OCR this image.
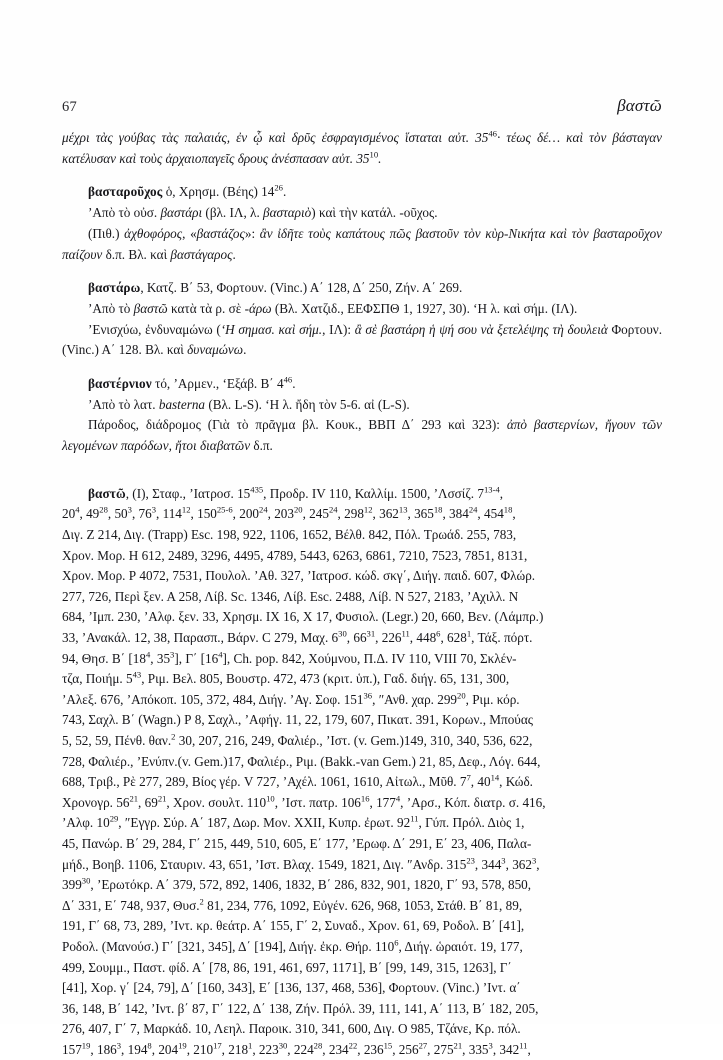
67	βαστῶ

μέχρι τὰς γούβας τὰς παλαιάς, ἐν ᾧ καὶ δρῦς ἐσφραγισμένος ἵσταται αὐτ. $35^{46}\cdot \tau έ\omega\varsigma$ δέ… καὶ τὸν βάσταγαν κατέλυσαν καὶ τοὺς ἀρχαιοπαγεῖς δρους ἀνέσπασαν αὐτ. $35^{10}$.

βασταροῦχος ὁ, Χρησμ. (Βέης) $14^{26}$.

’Απὸ τὸ οὐσ. βαστάρι (βλ. ΙΛ, λ. βασταριὸ) καὶ τὴν κατάλ. -οῦχος.

(Πιθ.) ἀχθοφόρος, «βαστάζος»: ἂν ἰδῆτε τοὺς καπάτους πῶς βαστοῦν τὸν κὺρ-Νικήτα καὶ τὸν βασταροῦχον παίζουν δ.π. Βλ. καὶ βαστάγαρος.

βαστάρω, Κατζ. Β΄ 53, Φορτουν. (Vinc.) Α΄ 128, Δ΄ 250, Ζήν. Α΄ 269.

’Απὸ τὸ βαστῶ κατὰ τὰ ρ. σὲ -άρω (Βλ. Χατζιδ., ΕΕΦΣΠΘ 1, 1927, 30). ‘Η λ. καὶ σήμ. (ΙΛ).

’Ενισχύω, ἐνδυναμώνω (‘Η σημασ. καὶ σήμ., ΙΛ): ἂ σὲ βαστάρη ἡ ψή σου νὰ ξετελέψης τὴ δουλειὰ Φορτουν. (Vinc.) Α΄ 128. Βλ. καὶ δυναμώνω.

βαστέρνιον τό, ’Αρμεν., ‘Εξάβ. Β΄ $4^{46}$.

’Απὸ τὸ λατ. basterna (Βλ. L-S). ‘Η λ. ἤδη τὸν 5-6. αἰ (L-S).

Πάροδος, διάδρομος (Γιὰ τὸ πρᾶγμα βλ. Κουκ., ΒΒΠ Δ΄ 293 καὶ 323): ἀπὸ βαστερνίων, ἤγουν τῶν λεγομένων παρόδων, ἤτοι διαβατῶν δ.π.

βαστῶ, (I), Σταφ., ’Ιατροσ. $15^{435}$, Προδρ. IV 110, Καλλίμ. 1500, ’Λσσίζ. 7$^{13-4}$,
$20^4$, $49^{28}$, $50^3$, $76^3$, $114^{12}$, 150$^{25-6}$, $200^{24}$, $203^{20}$, $245^{24}$, $298^{12}$, $362^{13}$, $365^{18}$, $384^{24}$, $454^{18}$,
Διγ. Ζ 214, Διγ. (Trapp) Esc. 198, 922, 1106, 1652, Βέλθ. 842, Πόλ. Τρωάδ. 255, 783,
Χρον. Μορ. Η 612, 2489, 3296, 4495, 4789, 5443, 6263, 6861, 7210, 7523, 7851, 8131,
Χρον. Μορ. Ρ 4072, 7531, Πουλολ. ’Αθ. 327, ’Ιατροσ. κώδ. σκγ΄, Διήγ. παιδ. 607, Φλώρ.
277, 726, Περὶ ξεν. Α 258, Λίβ. Sc. 1346, Λίβ. Esc. 2488, Λίβ. Ν 527, 2183, ’Αχιλλ. Ν
684, ’Ιμπ. 230, ’Αλφ. ξεν. 33, Χρησμ. IX 16, X 17, Φυσιολ. (Legr.) 20, 660, Βεν. (Λάμπρ.)
33, ’Ανακάλ. 12, 38, Παρασπ., Βάρν. C 279, Μαχ. $6^{30}$, $66^{31}$, $226^{11}$, $448^6$, $628^1$, Τάξ. πόρτ.
94, Θησ. Β΄ [$18^4$, $35^3$], Γ΄ $[16^4]$, Ch. pop. 842, Χούμνου, Π.Δ. IV 110, VIII 70, Σκλέν-
τζα, Ποιήμ. $5^{43}$, Ριμ. Βελ. 805, Βουστρ. 472, 473 (κριτ. ὑπ.), Γαδ. διήγ. 65, 131, 300,
’Αλεξ. 676, ’Απόκοπ. 105, 372, 484, Διήγ. ’Αγ. Σοφ. $151^{36}$, ″Ανθ. χαρ. $299^{20}$, Ριμ. κόρ.
743, Σαχλ. Β΄ (Wagn.) Ρ 8, Σαχλ., ’Αφήγ. 11, 22, 179, 607, Πικατ. 391, Κορων., Μπούας
5, 52, 59, Πένθ. θαν.$^2$ 30, 207, 216, 249, Φαλιέρ., ’Ιστ. (v. Gem.)149, 310, 340, 536, 622,
728, Φαλιέρ., ’Ενύπν.(v. Gem.)17, Φαλιέρ., Ριμ. (Bakk.-van Gem.) 21, 85, Δεφ., Λόγ. 644,
688, Τριβ., Ρὲ 277, 289, Βίος γέρ. V 727, ’Αχέλ. 1061, 1610, Αἰτωλ., Μῦθ. $7^7$, $40^{14}$, Κώδ.
Χρονογρ. $56^{21}$, $69^{21}$, Χρον. σουλτ. $110^{10}$, ’Ιστ. πατρ. $106^{16}$, $177^4$, ’Αρσ., Κόπ. διατρ. σ. 416,
’Αλφ. $10^{29}$, ″Εγγρ. Σύρ. Α΄ 187, Δωρ. Μον. XXII, Κυπρ. ἐρωτ. $92^{11}$, Γύπ. Πρόλ. Διὸς 1,
45, Πανώρ. Β΄ 29, 284, Γ΄ 215, 449, 510, 605, Ε΄ 177, ’Ερωφ. Δ΄ 291, Ε΄ 23, 406, Παλα-
μήδ., Βοηβ. 1106, Σταυριν. 43, 651, ’Ιστ. Βλαχ. 1549, 1821, Διγ. ″Ανδρ. $315^{23}$, $344^3$, $362^3$,
$399^{30}$, ’Ερωτόκρ. Α΄ 379, 572, 892, 1406, 1832, Β΄ 286, 832, 901, 1820, Γ΄ 93, 578, 850,
Δ΄ 331, Ε΄ 748, 937, Θυσ.$^2$ 81, 234, 776, 1092, Εὐγέν. 626, 968, 1053, Στάθ. Β΄ 81, 89,
191, Γ΄ 68, 73, 289, ’Ιντ. κρ. θεάτρ. Α΄ 155, Γ΄ 2, Συναδ., Χρον. 61, 69, Ροδολ. Β΄ [41],
Ροδολ. (Μανούσ.) Γ΄ [321, 345], Δ΄ [194], Διήγ. ἐκρ. Θήρ. $110^6$, Διήγ. ὡραιότ. 19, 177,
499, Σουμμ., Παστ. φίδ. Α΄ [78, 86, 191, 461, 697, 1171], Β΄ [99, 149, 315, 1263], Γ΄
[41], Χορ. γ΄ [24, 79], Δ΄ [160, 343], Ε΄ [136, 137, 468, 536], Φορτουν. (Vinc.) ’Ιντ. α΄
36, 148, Β΄ 142, ’Ιντ. β΄ 87, Γ΄ 122, Δ΄ 138, Ζήν. Πρόλ. 39, 111, 141, Α΄ 113, Β΄ 182, 205,
276, 407, Γ΄ 7, Μαρκάδ. 10, Λεηλ. Παροικ. 310, 341, 600, Διγ. Ο 985, Τζάνε, Κρ. πόλ.
$157^{19}$, $186^3$, $194^8$, $204^{19}$, $210^{17}$, $218^1$, $223^{30}$, $224^{28}$, $234^{22}$, $236^{15}$, $256^{27}$, $275^{21}$, $335^3$, $342^{11}$,
